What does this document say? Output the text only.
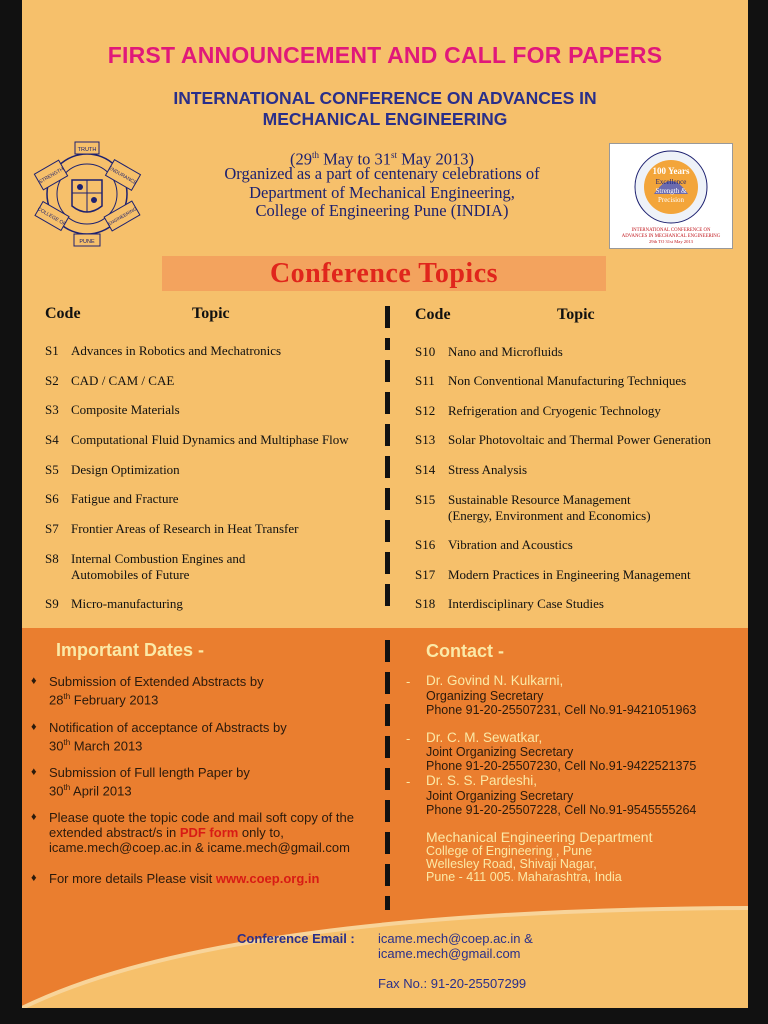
FIRST ANNOUNCEMENT AND CALL FOR PAPERS
INTERNATIONAL CONFERENCE ON ADVANCES IN
MECHANICAL ENGINEERING
(29th May to 31st May 2013)
Organized as a part of centenary celebrations of
Department of Mechanical Engineering,
College of Engineering Pune (INDIA)
TRUTH
STRENGTH	ENDURANCE
COLLEGE OF	ENGINEERING
PUNE
100 Years
Excellence
Strength &
Precision
INTERNATIONAL CONFERENCE ON
ADVANCES IN MECHANICAL ENGINEERING
29th TO 31st May 2013
Conference Topics
Code	Topic	Code	Topic
S1 Advances in Robotics and Mechatronics
S2 CAD / CAM / CAE
S3 Composite Materials
S4 Computational Fluid Dynamics and Multiphase Flow
S5 Design Optimization
S6 Fatigue and Fracture
S7 Frontier Areas of Research in Heat Transfer
S8 Internal Combustion Engines and
Automobiles of Future
S9 Micro-manufacturing
S10 Nano and Microfluids
S11 Non Conventional Manufacturing Techniques
S12 Refrigeration and Cryogenic Technology
S13 Solar Photovoltaic and Thermal Power Generation
S14 Stress Analysis
S15 Sustainable Resource Management
(Energy, Environment and Economics)
S16 Vibration and Acoustics
S17 Modern Practices in Engineering Management
S18 Interdisciplinary Case Studies
Important Dates -
♦ Submission of Extended Abstracts by
28th February 2013
♦ Notification of acceptance of Abstracts by
30th March 2013
♦ Submission of Full length Paper by
30th April 2013
♦ Please quote the topic code and mail soft copy of the
extended abstract/s in PDF form only to,
icame.mech@coep.ac.in & icame.mech@gmail.com
♦ For more details Please visit www.coep.org.in
Contact -
- Dr. Govind N. Kulkarni,
Organizing Secretary
Phone 91-20-25507231, Cell No.91-9421051963
- Dr. C. M. Sewatkar,
Joint Organizing Secretary
Phone 91-20-25507230, Cell No.91-9422521375
- Dr. S. S. Pardeshi,
Joint Organizing Secretary
Phone 91-20-25507228, Cell No.91-9545555264
Mechanical Engineering Department
College of Engineering , Pune
Wellesley Road, Shivaji Nagar,
Pune - 411 005. Maharashtra, India
Conference Email : icame.mech@coep.ac.in &
icame.mech@gmail.com
Fax No.: 91-20-25507299
